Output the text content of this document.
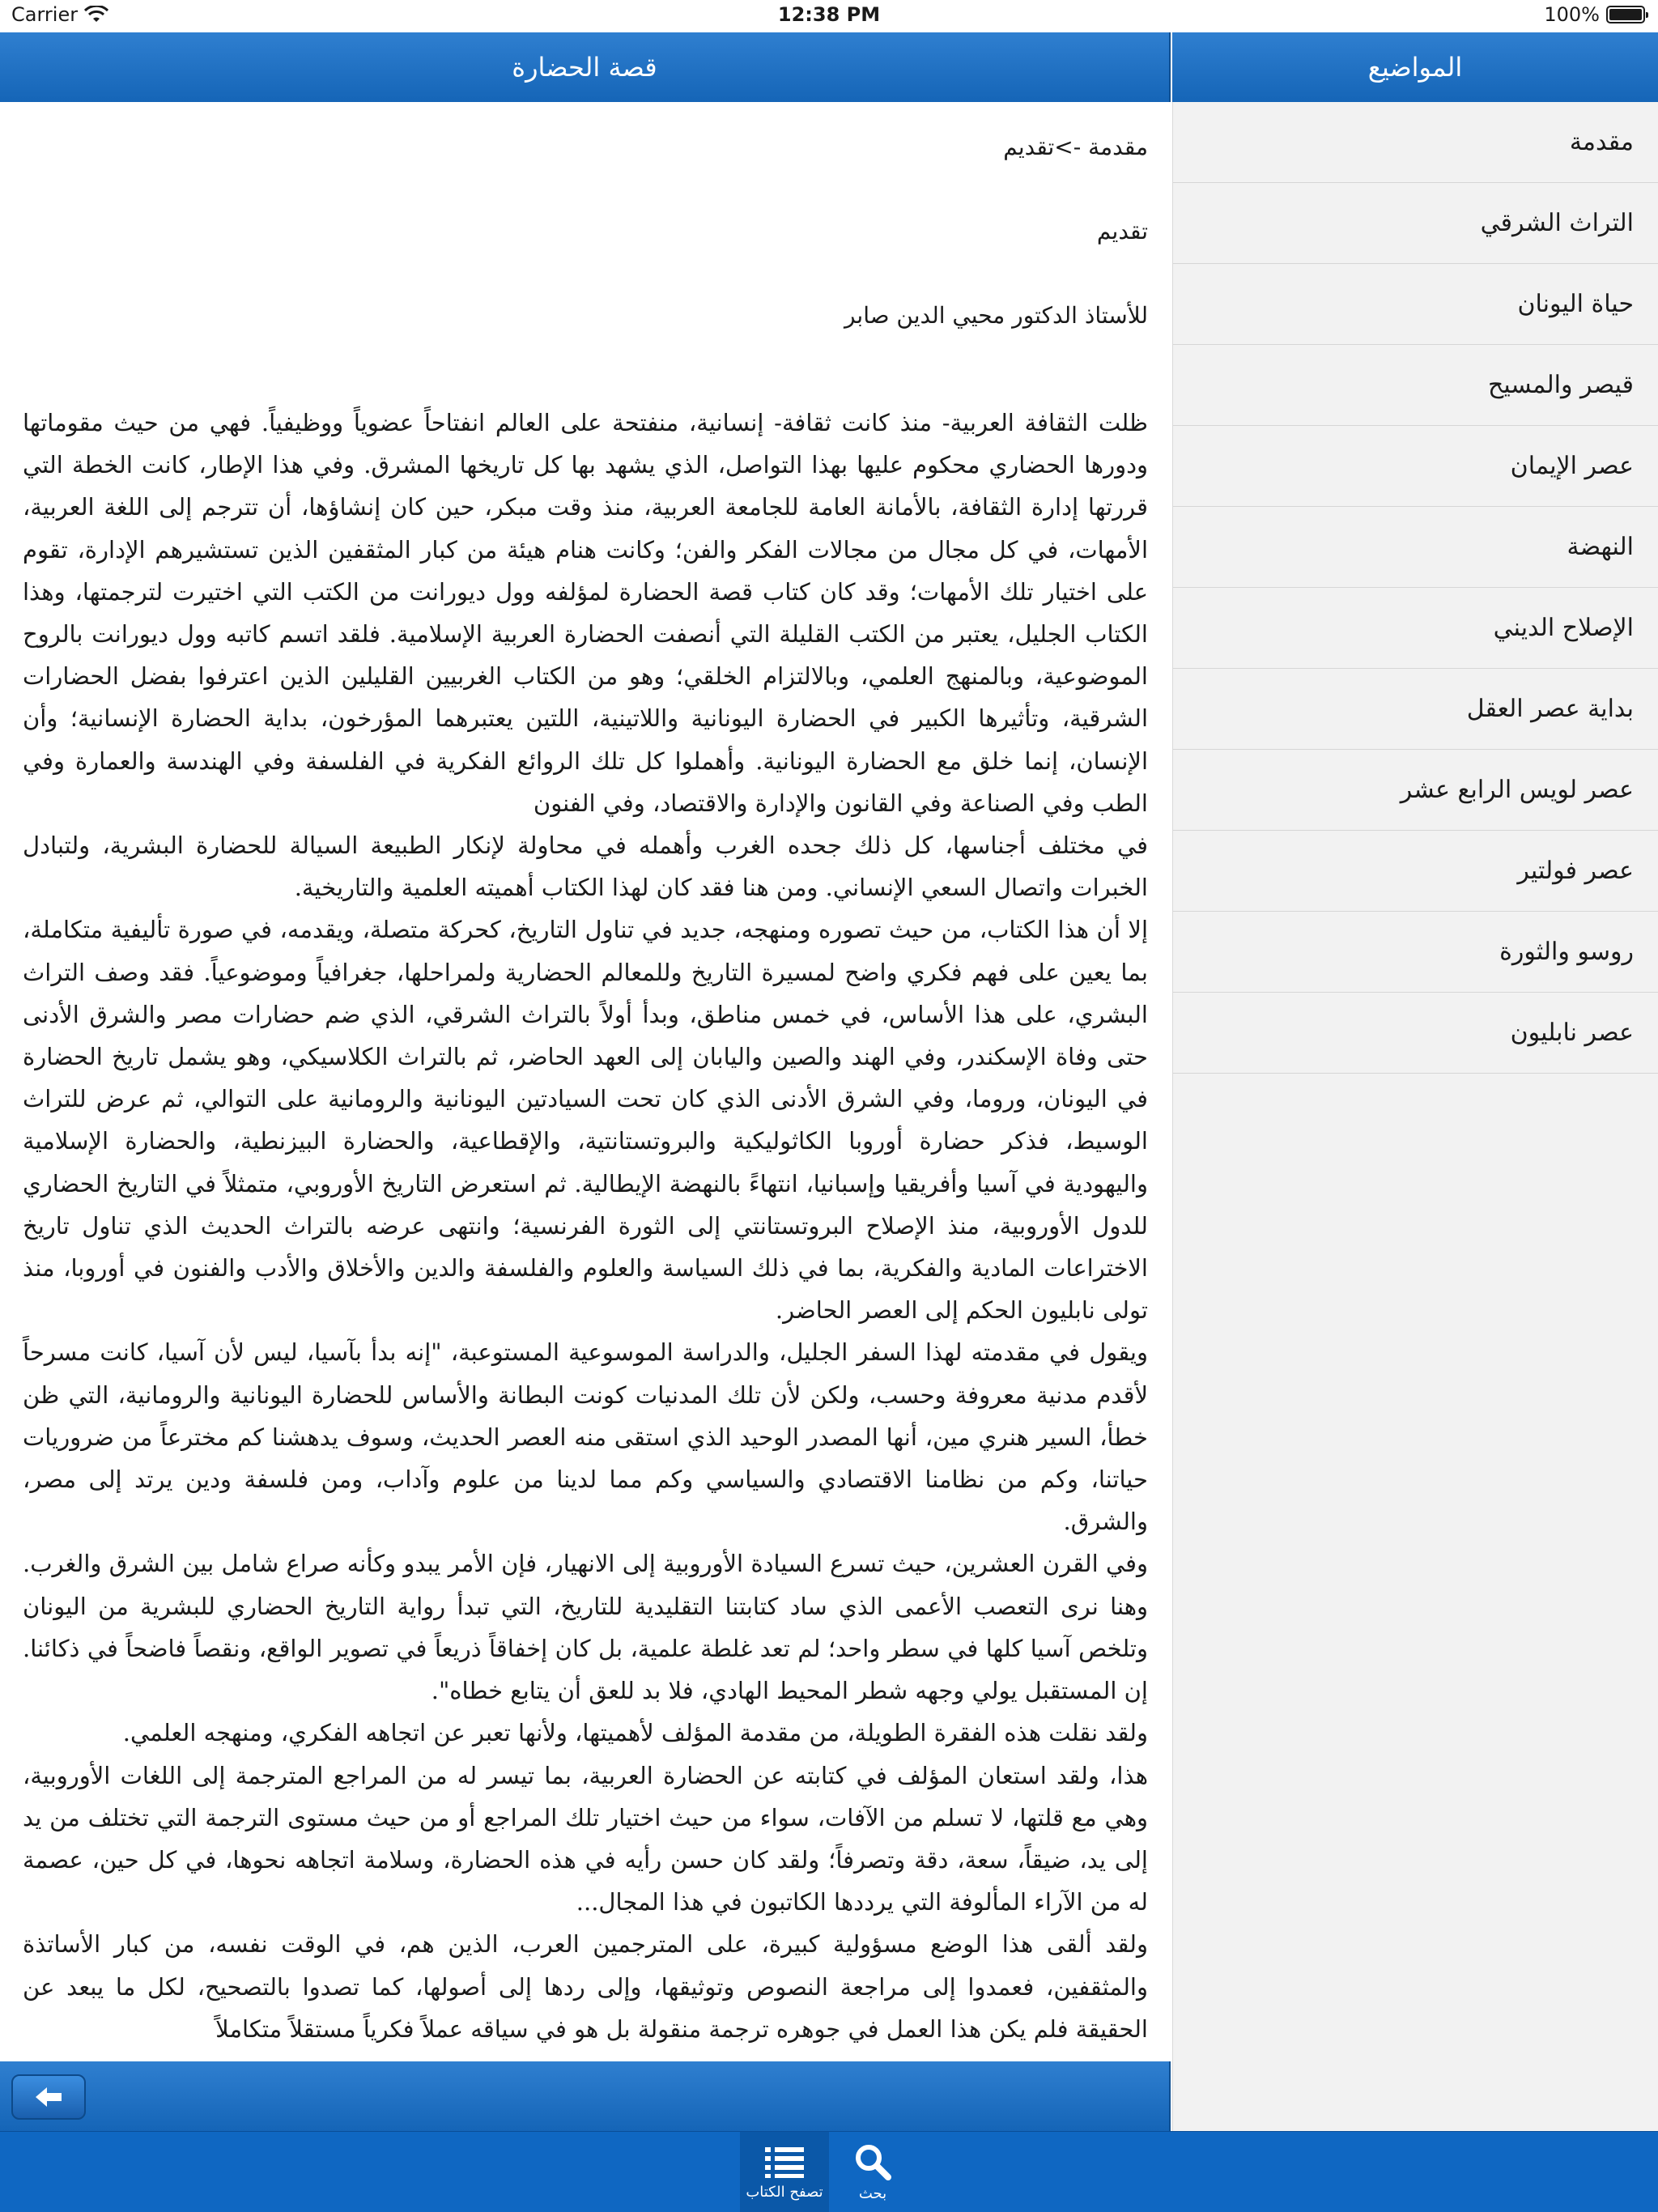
Carrier	12:38 PM	100%
قصة الحضارة	المواضيع
مقدمة ->تقديم
تقديم
للأستاذ الدكتور محيي الدين صابر

ظلت الثقافة العربية- منذ كانت ثقافة- إنسانية، منفتحة على العالم انفتاحاً عضوياً ووظيفياً. فهي من حيث مقوماتها ودورها الحضاري محكوم عليها بهذا التواصل، الذي يشهد بها كل تاريخها المشرق. وفي هذا الإطار، كانت الخطة التي قررتها إدارة الثقافة، بالأمانة العامة للجامعة العربية، منذ وقت مبكر، حين كان إنشاؤها، أن تترجم إلى اللغة العربية، الأمهات، في كل مجال من مجالات الفكر والفن؛ وكانت هنام هيئة من كبار المثقفين الذين تستشيرهم الإدارة، تقوم على اختيار تلك الأمهات؛ وقد كان كتاب قصة الحضارة لمؤلفه وول ديورانت من الكتب التي اختيرت لترجمتها، وهذا الكتاب الجليل، يعتبر من الكتب القليلة التي أنصفت الحضارة العربية الإسلامية. فلقد اتسم كاتبه وول ديورانت بالروح الموضوعية، وبالمنهج العلمي، وبالالتزام الخلقي؛ وهو من الكتاب الغربيين القليلين الذين اعترفوا بفضل الحضارات الشرقية، وتأثيرها الكبير في الحضارة اليونانية واللاتينية، اللتين يعتبرهما المؤرخون، بداية الحضارة الإنسانية؛ وأن الإنسان، إنما خلق مع الحضارة اليونانية. وأهملوا كل تلك الروائع الفكرية في الفلسفة وفي الهندسة والعمارة وفي الطب وفي الصناعة وفي القانون والإدارة والاقتصاد، وفي الفنون

في مختلف أجناسها، كل ذلك جحده الغرب وأهمله في محاولة لإنكار الطبيعة السيالة للحضارة البشرية، ولتبادل الخبرات واتصال السعي الإنساني. ومن هنا فقد كان لهذا الكتاب أهميته العلمية والتاريخية.

إلا أن هذا الكتاب، من حيث تصوره ومنهجه، جديد في تناول التاريخ، كحركة متصلة، ويقدمه، في صورة تأليفية متكاملة، بما يعين على فهم فكري واضح لمسيرة التاريخ وللمعالم الحضارية ولمراحلها، جغرافياً وموضوعياً. فقد وصف التراث البشري، على هذا الأساس، في خمس مناطق، وبدأ أولاً بالتراث الشرقي، الذي ضم حضارات مصر والشرق الأدنى حتى وفاة الإسكندر، وفي الهند والصين واليابان إلى العهد الحاضر، ثم بالتراث الكلاسيكي، وهو يشمل تاريخ الحضارة في اليونان، وروما، وفي الشرق الأدنى الذي كان تحت السيادتين اليونانية والرومانية على التوالي، ثم عرض للتراث الوسيط، فذكر حضارة أوروبا الكاثوليكية والبروتستانتية، والإقطاعية، والحضارة البيزنطية، والحضارة الإسلامية واليهودية في آسيا وأفريقيا وإسبانيا، انتهاءً بالنهضة الإيطالية. ثم استعرض التاريخ الأوروبي، متمثلاً في التاريخ الحضاري للدول الأوروبية، منذ الإصلاح البروتستانتي إلى الثورة الفرنسية؛ وانتهى عرضه بالتراث الحديث الذي تناول تاريخ الاختراعات المادية والفكرية، بما في ذلك السياسة والعلوم والفلسفة والدين والأخلاق والأدب والفنون في أوروبا، منذ تولى نابليون الحكم إلى العصر الحاضر.

ويقول في مقدمته لهذا السفر الجليل، والدراسة الموسوعية المستوعبة، "إنه بدأ بآسيا، ليس لأن آسيا، كانت مسرحاً لأقدم مدنية معروفة وحسب، ولكن لأن تلك المدنيات كونت البطانة والأساس للحضارة اليونانية والرومانية، التي ظن خطأ، السير هنري مين، أنها المصدر الوحيد الذي استقى منه العصر الحديث، وسوف يدهشنا كم مخترعاً من ضروريات حياتنا، وكم من نظامنا الاقتصادي والسياسي وكم مما لدينا من علوم وآداب، ومن فلسفة ودين يرتد إلى مصر، والشرق.

وفي القرن العشرين، حيث تسرع السيادة الأوروبية إلى الانهيار، فإن الأمر يبدو وكأنه صراع شامل بين الشرق والغرب. وهنا نرى التعصب الأعمى الذي ساد كتابتنا التقليدية للتاريخ، التي تبدأ رواية التاريخ الحضاري للبشرية من اليونان وتلخص آسيا كلها في سطر واحد؛ لم تعد غلطة علمية، بل كان إخفاقاً ذريعاً في تصوير الواقع، ونقصاً فاضحاً في ذكائنا. إن المستقبل يولي وجهه شطر المحيط الهادي، فلا بد للعق أن يتابع خطاه".

ولقد نقلت هذه الفقرة الطويلة، من مقدمة المؤلف لأهميتها، ولأنها تعبر عن اتجاهه الفكري، ومنهجه العلمي.

هذا، ولقد استعان المؤلف في كتابته عن الحضارة العربية، بما تيسر له من المراجع المترجمة إلى اللغات الأوروبية، وهي مع قلتها، لا تسلم من الآفات، سواء من حيث اختيار تلك المراجع أو من حيث مستوى الترجمة التي تختلف من يد إلى يد، ضيقاً، سعة، دقة وتصرفاً؛ ولقد كان حسن رأيه في هذه الحضارة، وسلامة اتجاهه نحوها، في كل حين، عصمة له من الآراء المألوفة التي يرددها الكاتبون في هذا المجال...

ولقد ألقى هذا الوضع مسؤولية كبيرة، على المترجمين العرب، الذين هم، في الوقت نفسه، من كبار الأساتذة والمثقفين، فعمدوا إلى مراجعة النصوص وتوثيقها، وإلى ردها إلى أصولها، كما تصدوا بالتصحيح، لكل ما يبعد عن الحقيقة فلم يكن هذا العمل في جوهره ترجمة منقولة بل هو في سياقه عملاً فكرياً مستقلاً متكاملاً

مقدمة
التراث الشرقي
حياة اليونان
قيصر والمسيح
عصر الإيمان
النهضة
الإصلاح الديني
بداية عصر العقل
عصر لويس الرابع عشر
عصر فولتير
روسو والثورة
عصر نابليون
تصفح الكتاب بحث
